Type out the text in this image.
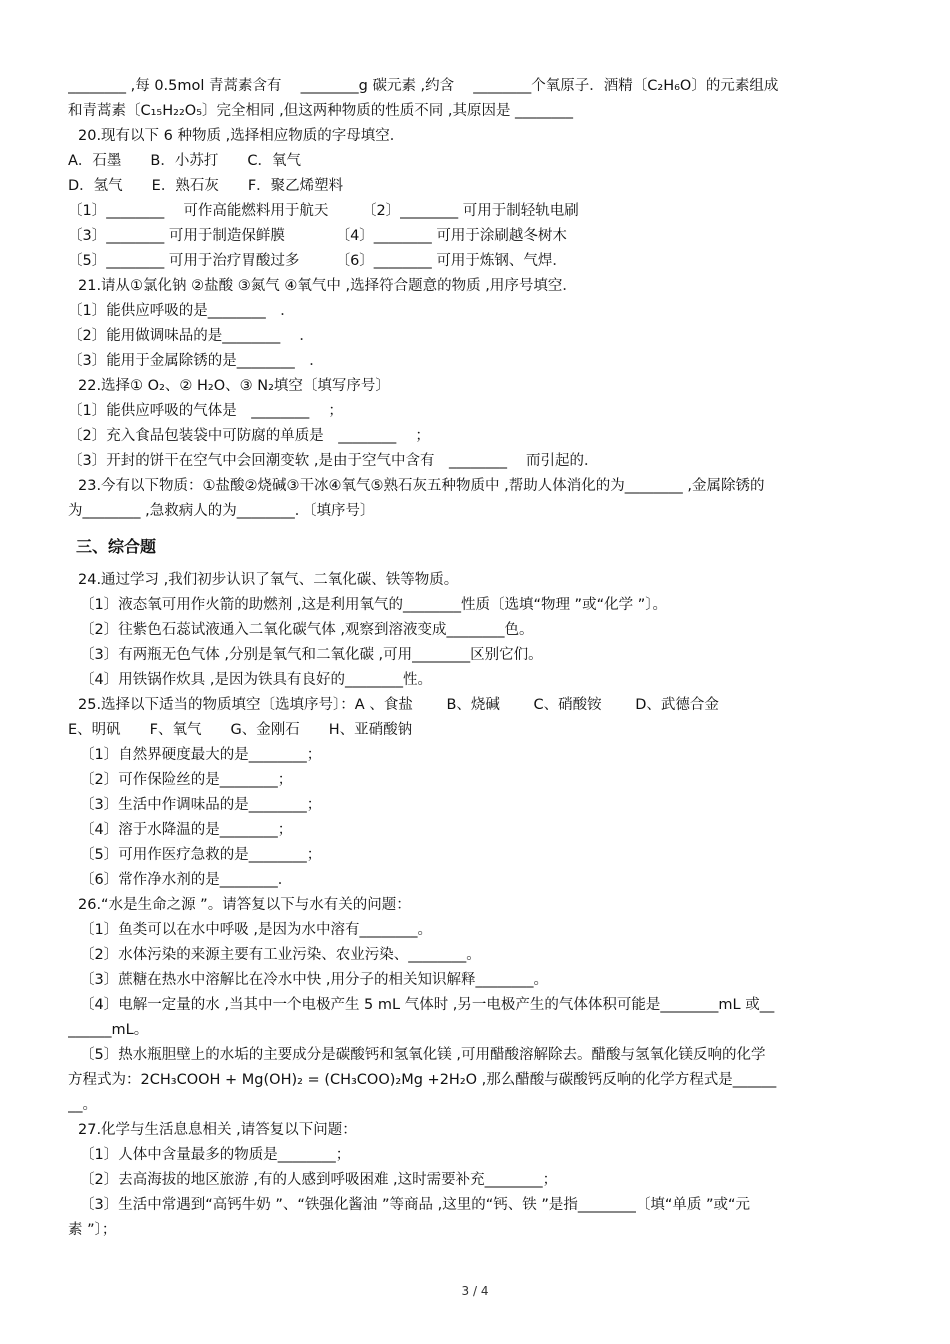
________ ,每 0.5mol 青蒿素含有　 ________g 碳元素 ,约含　 ________个氧原子．酒精〔C₂H₆O〕的元素组成
和青蒿素〔C₁₅H₂₂O₅〕完全相同 ,但这两种物质的性质不同 ,其原因是 ________
20.现有以下 6 种物质 ,选择相应物质的字母填空．
A．石墨　　B．小苏打　　C．氧气
D．氢气　　E．熟石灰　　F．聚乙烯塑料
〔1〕________　 可作高能燃料用于航天　　 〔2〕________ 可用于制轻轨电刷
〔3〕________ 可用于制造保鲜膜　　　　〔4〕________ 可用于涂刷越冬树木
〔5〕________ 可用于治疗胃酸过多　　　〔6〕________ 可用于炼钢、气焊．
21.请从①氯化钠 ②盐酸 ③氮气 ④氧气中 ,选择符合题意的物质 ,用序号填空．
〔1〕能供应呼吸的是________　．
〔2〕能用做调味品的是________　 ．
〔3〕能用于金属除锈的是________　．
22.选择① O₂、② H₂O、③ N₂填空〔填写序号〕
〔1〕能供应呼吸的气体是　________　 ；
〔2〕充入食品包装袋中可防腐的单质是　________　 ；
〔3〕开封的饼干在空气中会回潮变软 ,是由于空气中含有　________　 而引起的．
23.今有以下物质：①盐酸②烧碱③干冰④氧气⑤熟石灰五种物质中 ,帮助人体消化的为________ ,金属除锈的
为________ ,急救病人的为________．〔填序号〕
三、综合题
24.通过学习 ,我们初步认识了氧气、二氧化碳、铁等物质。
〔1〕液态氧可用作火箭的助燃剂 ,这是利用氧气的________性质〔选填“物理 ”或“化学 ”〕。
〔2〕往紫色石蕊试液通入二氧化碳气体 ,观察到溶液变成________色。
〔3〕有两瓶无色气体 ,分别是氧气和二氧化碳 ,可用________区别它们。
〔4〕用铁锅作炊具 ,是因为铁具有良好的________性。
25.选择以下适当的物质填空〔选填序号〕：A 、食盐　　 B、烧碱　　 C、硝酸铵　　 D、武德合金
E、明矾　　F、氧气　　G、金刚石　　H、亚硝酸钠
〔1〕自然界硬度最大的是________；
〔2〕可作保险丝的是________；
〔3〕生活中作调味品的是________；
〔4〕溶于水降温的是________；
〔5〕可用作医疗急救的是________；
〔6〕常作净水剂的是________．
26.“水是生命之源 ”。请答复以下与水有关的问题：
〔1〕鱼类可以在水中呼吸 ,是因为水中溶有________。
〔2〕水体污染的来源主要有工业污染、农业污染、________。
〔3〕蔗糖在热水中溶解比在冷水中快 ,用分子的相关知识解释________。
〔4〕电解一定量的水 ,当其中一个电极产生 5 mL 气体时 ,另一电极产生的气体体积可能是________mL 或__
______mL。
〔5〕热水瓶胆壁上的水垢的主要成分是碳酸钙和氢氧化镁 ,可用醋酸溶解除去。醋酸与氢氧化镁反响的化学
方程式为：2CH₃COOH + Mg(OH)₂ = (CH₃COO)₂Mg +2H₂O ,那么醋酸与碳酸钙反响的化学方程式是______
__。
27.化学与生活息息相关 ,请答复以下问题：
〔1〕人体中含量最多的物质是________；
〔2〕去高海拔的地区旅游 ,有的人感到呼吸困难 ,这时需要补充________；
〔3〕生活中常遇到“高钙牛奶 ”、“铁强化酱油 ”等商品 ,这里的“钙、铁 ”是指________〔填“单质 ”或“元
素 ”〕；
3 / 4
